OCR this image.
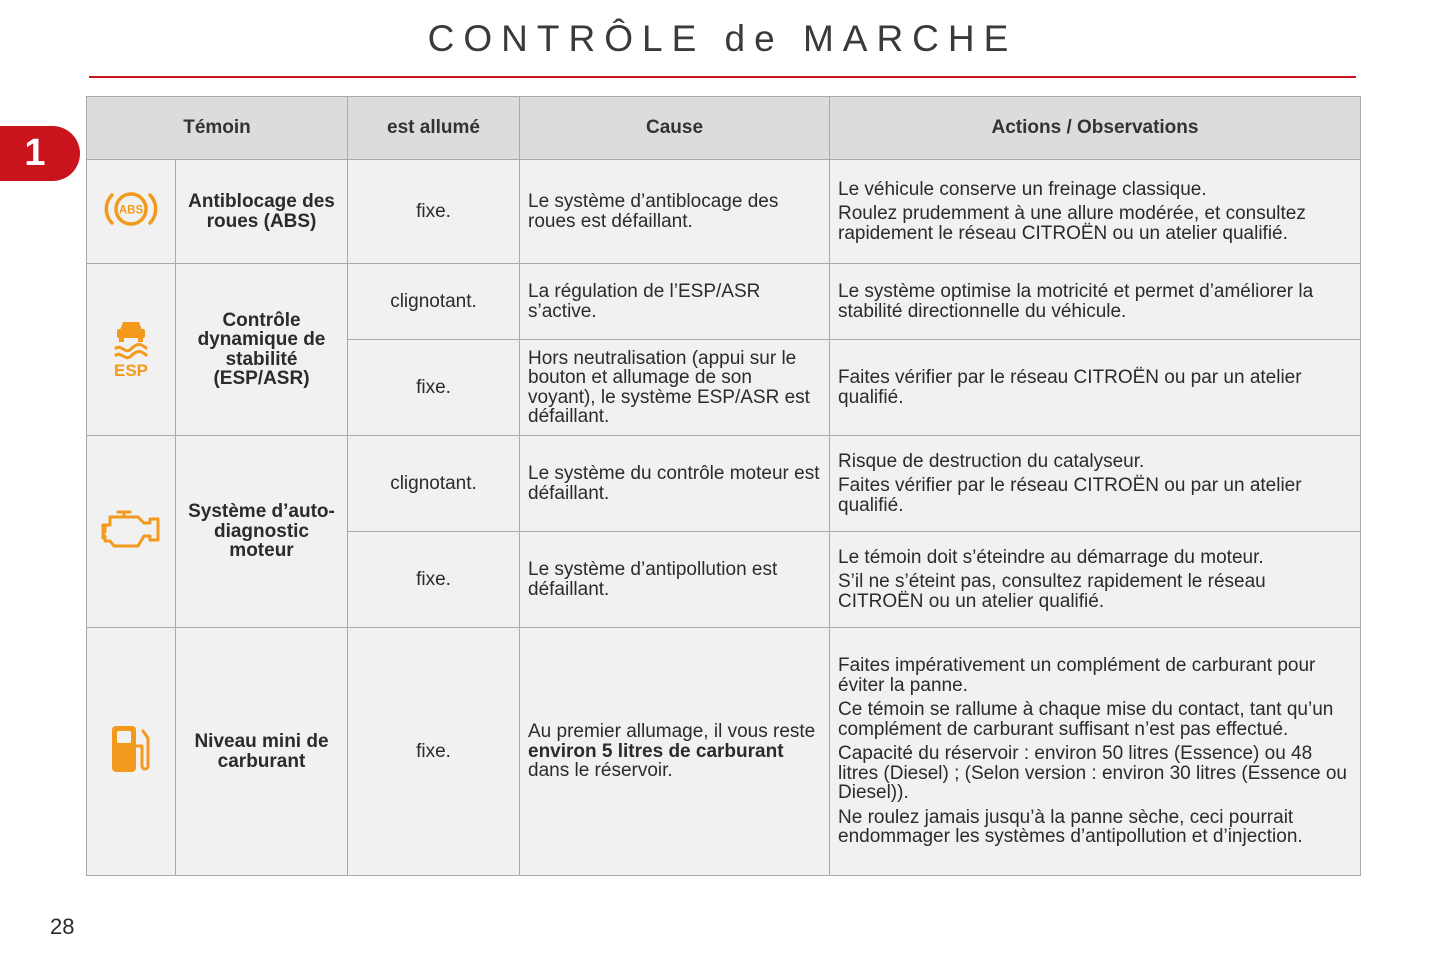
CONTRÔLE de MARCHE
1
Témoin		est allumé	Cause	Actions / Observations

ABS	Antiblocage des roues (ABS)	fixe.	Le système d’antiblocage des roues est défaillant.	Le véhicule conserve un freinage classique.
Roulez prudemment à une allure modérée, et consultez rapidement le réseau CITROËN ou un atelier qualifié.

ESP	Contrôle dynamique de stabilité (ESP/ASR)	clignotant.	La régulation de l’ESP/ASR s’active.	Le système optimise la motricité et permet d’améliorer la stabilité directionnelle du véhicule.

		fixe.	Hors neutralisation (appui sur le bouton et allumage de son voyant), le système ESP/ASR est défaillant.	Faites vérifier par le réseau CITROËN ou par un atelier qualifié.

	Système d’auto-diagnostic moteur	clignotant.	Le système du contrôle moteur est défaillant.	Risque de destruction du catalyseur.
Faites vérifier par le réseau CITROËN ou par un atelier qualifié.

		fixe.	Le système d’antipollution est défaillant.	Le témoin doit s’éteindre au démarrage du moteur.
S’il ne s’éteint pas, consultez rapidement le réseau CITROËN ou un atelier qualifié.

	Niveau mini de carburant	fixe.	Au premier allumage, il vous reste environ 5 litres de carburant dans le réservoir.	Faites impérativement un complément de carburant pour éviter la panne.
Ce témoin se rallume à chaque mise du contact, tant qu’un complément de carburant suffisant n’est pas effectué.
Capacité du réservoir : environ 50 litres (Essence) ou 48 litres (Diesel) ; (Selon version : environ 30 litres (Essence ou Diesel)).
Ne roulez jamais jusqu’à la panne sèche, ceci pourrait endommager les systèmes d’antipollution et d’injection.
28
